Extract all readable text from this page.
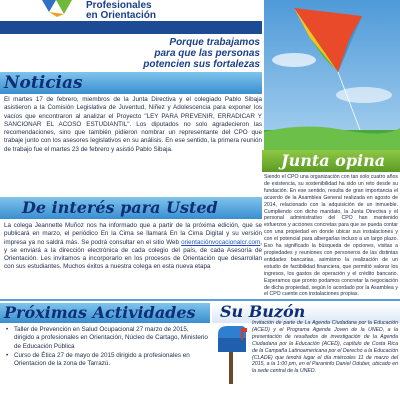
Profesionales
en Orientación
Porque trabajamos
para que las personas
potencien sus fortalezas
Noticias
El martes 17 de febrero, miembros de la Junta Directiva y el colegiado Pablo Sibaja asistieron a la Comisión Legislativa de Juventud, Niñez y Adolescencia para exponer los vacíos que encontraron al analizar el Proyecto "LEY PARA PREVENIR, ERRADICAR Y SANCIONAR EL ACOSO ESTUDIANTIL". Los diputados no solo agradecieron las recomendaciones, sino que también pidieron nombrar un representante del CPO que trabaje junto con los asesores legislativos en su análisis. En ese sentido, la primera reunión de trabajo fue el martes 23 de febrero y asistió Pablo Sibaja.
De interés para Usted
La colega Jeannette Muñoz nos ha informado que a partir de la próxima edición, que se publicará en marzo, el periódico En la Cima se llamará En la Cima Digital y su versión impresa ya no saldrá más. Se podrá consultar en el sitio Web orientaciónvocacionalcr.com, y se enviará a la dirección electrónica de cada colegio del país, de cada Asesoría de Orientación. Les invitamos a incorporarlo en los procesos de Orientación que desarrollan con sus estudiantes. Muchos éxitos a nuestra colega en esta nueva etapa
Junta opina
Siendo el CPO una organización con tan solo cuatro años de existencia, su sostenibilidad ha sido un reto desde su fundación. En ese sentido, resulta de gran importancia el acuerdo de la Asamblea General realizada en agosto de 2014, relacionado con la adquisición de un inmueble. Cumpliendo con dicho mandato, la Junta Directiva y el personal administrativo del CPO han mantenido esfuerzos y acciones concretas para que se pueda contar con una propiedad en donde ubicar sus instalaciones y con el potencial para albergarlas incluso a un largo plazo. Eso ha significado la búsqueda de opciones, visitas a propiedades y reuniones con personeros de las distintas entidades bancarias, asimismo la realización de un estudio de factibilidad financiera, que permitió valorar los ingresos, los gastos de operación y el crédito bancario. Esperamos que pronto podamos concretar la negociación de dicha propiedad, según lo acordado por la Asamblea y el CPO cuente con instalaciones propias.
Próximas Actividades
• Taller de Prevención en Salud Ocupacional 27 marzo de 2015, dirigido a profesionales en Orientación, Núcleo de Cartago, Ministerio de Educación Pública
• Curso de Ética 27 de mayo de 2015 dirigido a profesionales en Orientacion de la zona de Tarrazú.
Su Buzón
Invitación de parte de La Agenda Ciudadana por la Educación (ACED) y el Programa Agenda Joven de la UNED, a la presentación de resultados de investigación de la Agenda Ciudadana por la Educación (ACED), capítulo de Costa Rica de la Campaña Latinoamericana por el Derecho a la Educación (CLADE) que tendrá lugar el día miércoles 11 de marzo del 2015, a la 1:00 pm, en el Paraninfo Daniel Oduber, ubicado en la sede central de la UNED.
